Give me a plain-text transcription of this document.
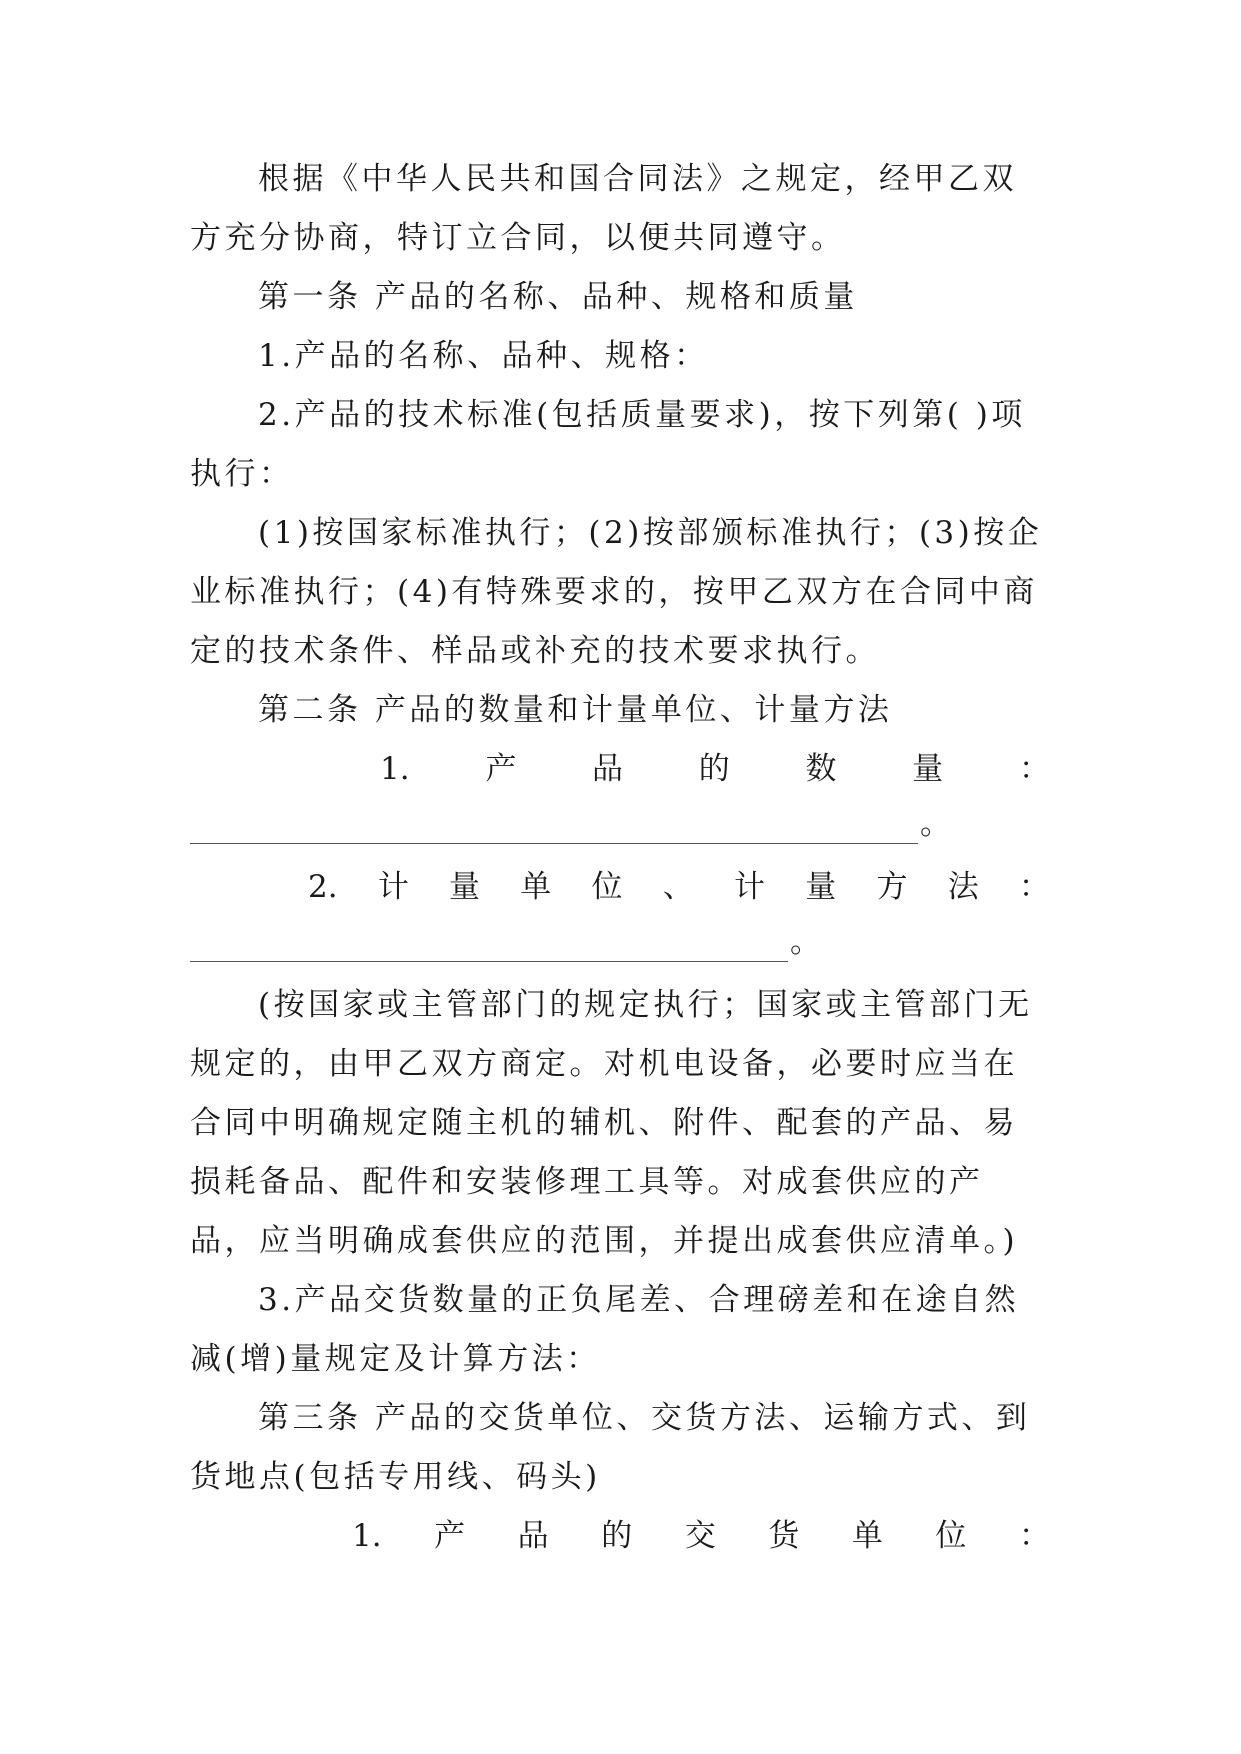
根据《中华人民共和国合同法》之规定，经甲乙双方充分协商，特订立合同，以便共同遵守。

第一条 产品的名称、品种、规格和质量

1.产品的名称、品种、规格：

2.产品的技术标准(包括质量要求)，按下列第( )项执行：

(1)按国家标准执行；(2)按部颁标准执行；(3)按企业标准执行；(4)有特殊要求的，按甲乙双方在合同中商定的技术条件、样品或补充的技术要求执行。

第二条 产品的数量和计量单位、计量方法

1. 产 品 的 数 量 ：
。
2. 计 量 单 位 、 计 量 方 法 ：
。

(按国家或主管部门的规定执行；国家或主管部门无规定的，由甲乙双方商定。对机电设备，必要时应当在合同中明确规定随主机的辅机、附件、配套的产品、易损耗备品、配件和安装修理工具等。对成套供应的产品，应当明确成套供应的范围，并提出成套供应清单。)

3.产品交货数量的正负尾差、合理磅差和在途自然减(增)量规定及计算方法：

第三条 产品的交货单位、交货方法、运输方式、到货地点(包括专用线、码头)

1. 产 品 的 交 货 单 位 ：
